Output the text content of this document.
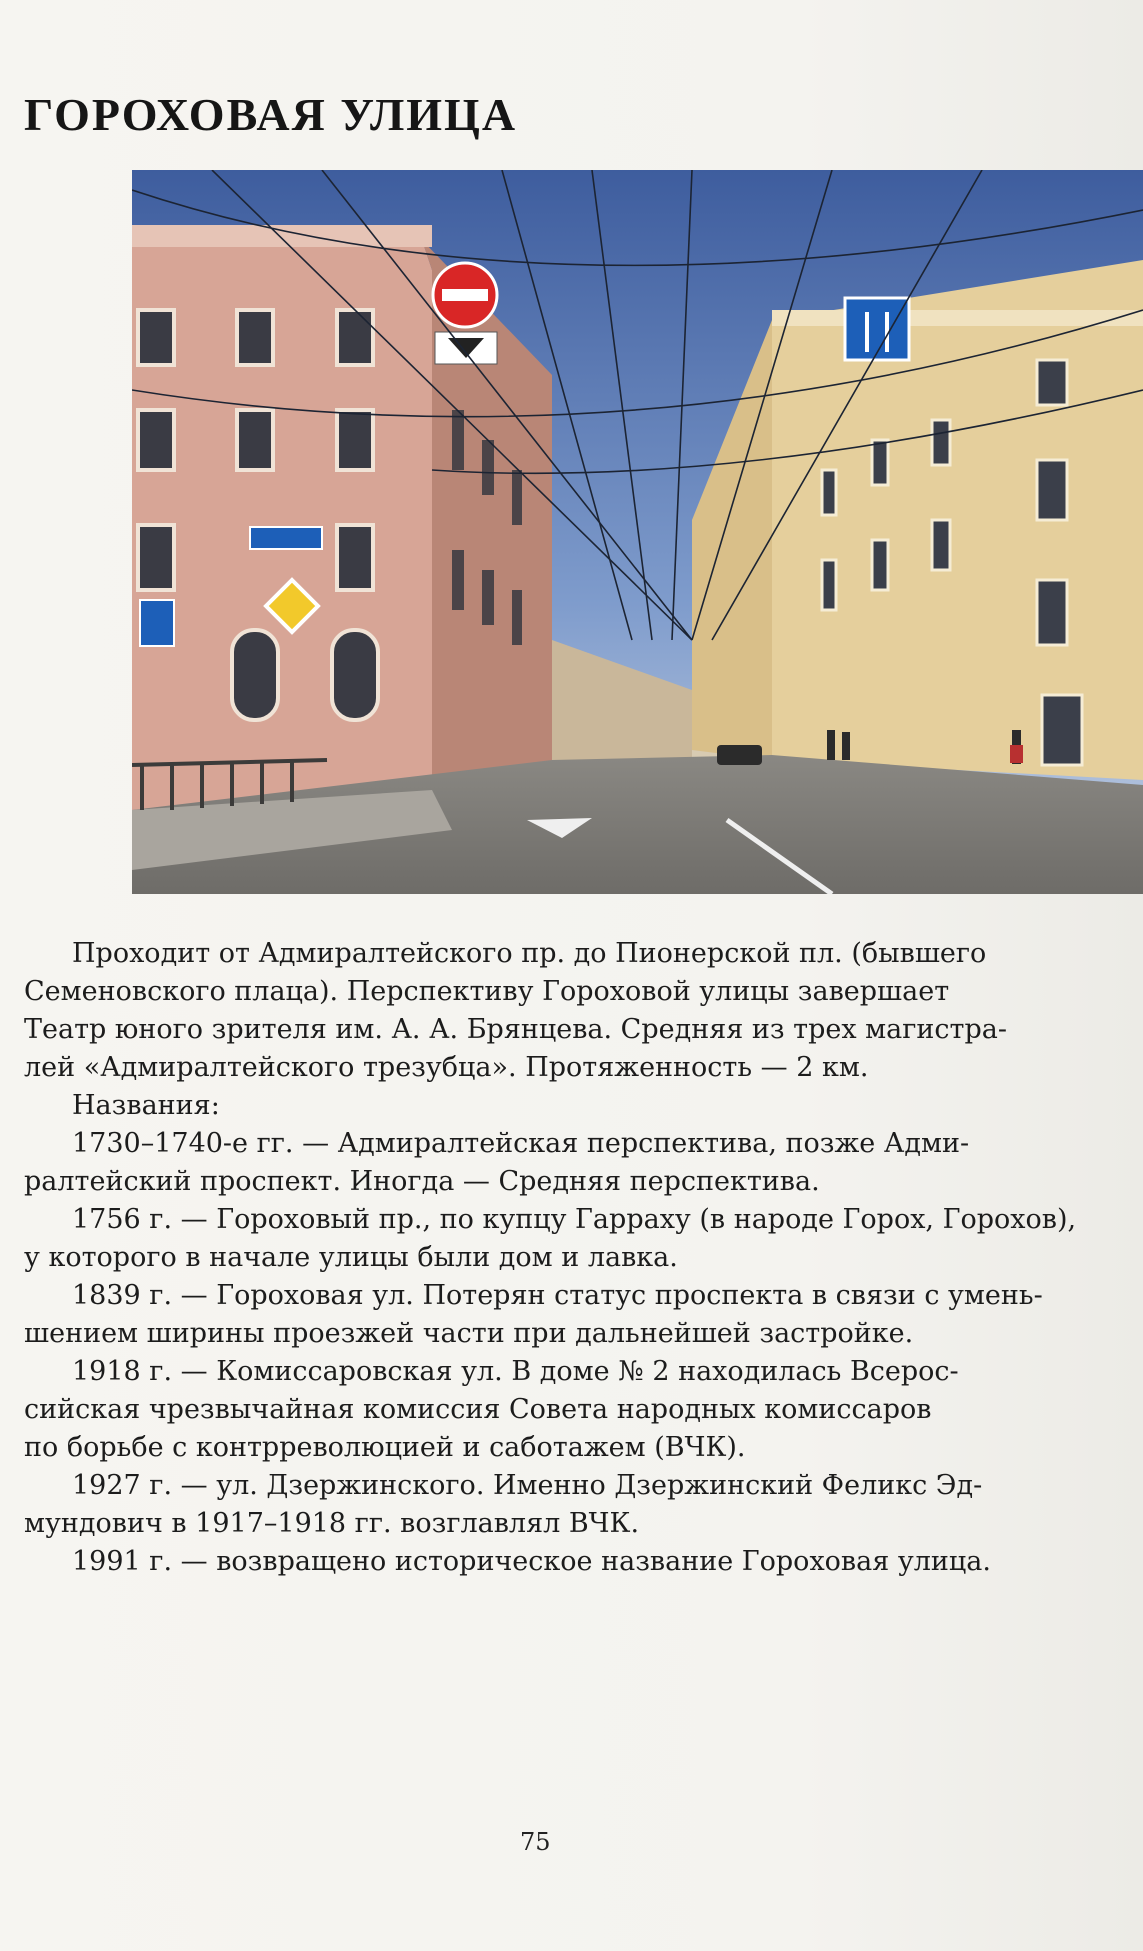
ГОРОХОВАЯ УЛИЦА

Проходит от Адмиралтейского пр. до Пионерской пл. (бывшего

Семеновского плаца). Перспективу Гороховой улицы завершает

Театр юного зрителя им. А. А. Брянцева. Средняя из трех магистра-

лей «Адмиралтейского трезубца». Протяженность — 2 км.

Названия:

1730–1740-е гг. — Адмиралтейская перспектива, позже Адми-

ралтейский проспект. Иногда — Средняя перспектива.

1756 г. — Гороховый пр., по купцу Гарраху (в народе Горох, Горохов),

у которого в начале улицы были дом и лавка.

1839 г. — Гороховая ул. Потерян статус проспекта в связи с умень-

шением ширины проезжей части при дальнейшей застройке.

1918 г. — Комиссаровская ул. В доме № 2 находилась Всерос-

сийская чрезвычайная комиссия Совета народных комиссаров

по борьбе с контрреволюцией и саботажем (ВЧК).

1927 г. — ул. Дзержинского. Именно Дзержинский Феликс Эд-

мундович в 1917–1918 гг. возглавлял ВЧК.

1991 г. — возвращено историческое название Гороховая улица.

75
